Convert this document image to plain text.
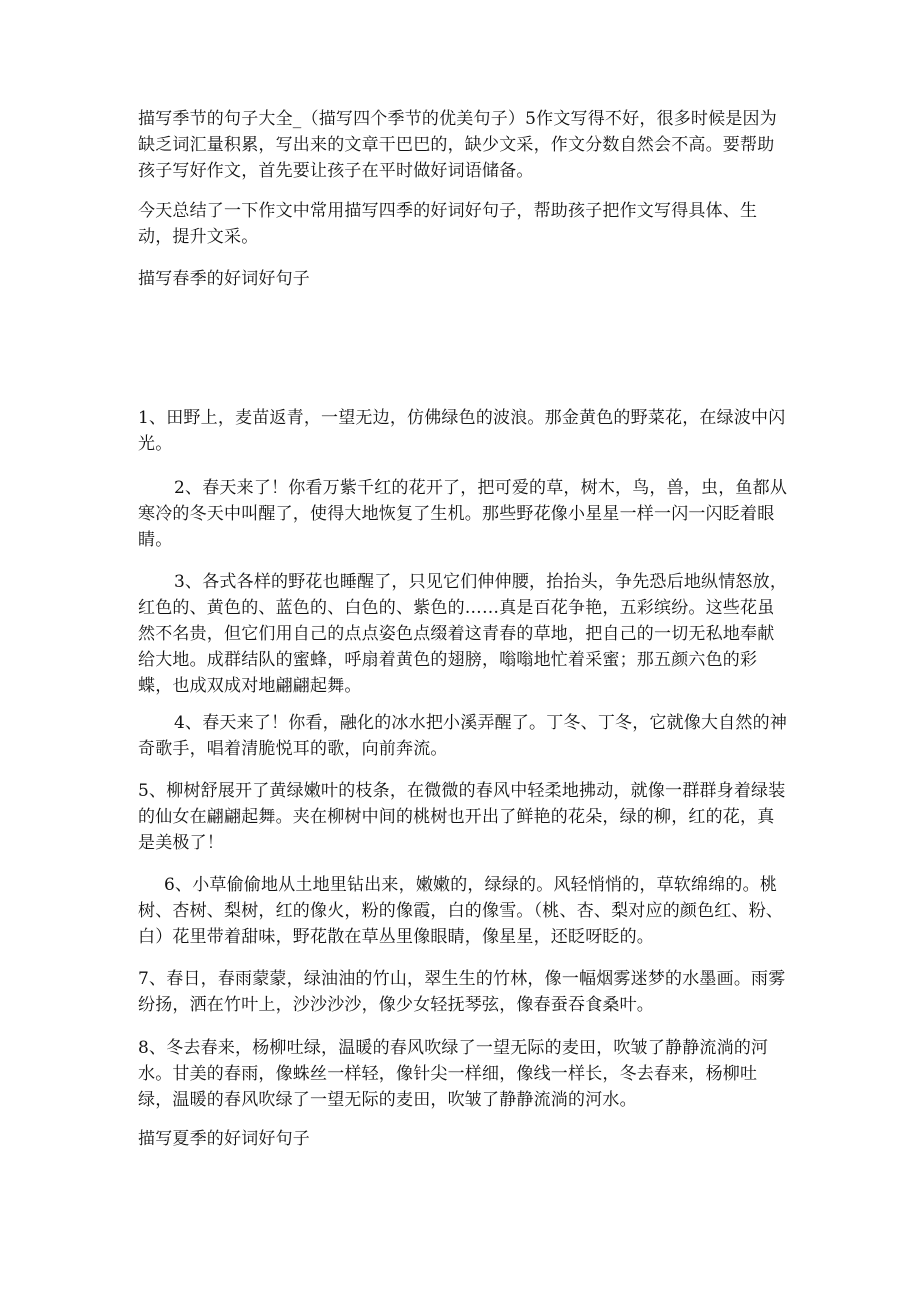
描写季节的句子大全_（描写四个季节的优美句子）5作文写得不好，很多时候是因为缺乏词汇量积累，写出来的文章干巴巴的，缺少文采，作文分数自然会不高。要帮助孩子写好作文，首先要让孩子在平时做好词语储备。

今天总结了一下作文中常用描写四季的好词好句子，帮助孩子把作文写得具体、生动，提升文采。

描写春季的好词好句子

1、田野上，麦苗返青，一望无边，仿佛绿色的波浪。那金黄色的野菜花，在绿波中闪光。

2、春天来了！你看万紫千红的花开了，把可爱的草，树木，鸟，兽，虫，鱼都从寒冷的冬天中叫醒了，使得大地恢复了生机。那些野花像小星星一样一闪一闪眨着眼睛。

3、各式各样的野花也睡醒了，只见它们伸伸腰，抬抬头，争先恐后地纵情怒放，红色的、黄色的、蓝色的、白色的、紫色的……真是百花争艳，五彩缤纷。这些花虽然不名贵，但它们用自己的点点姿色点缀着这青春的草地，把自己的一切无私地奉献给大地。成群结队的蜜蜂，呼扇着黄色的翅膀，嗡嗡地忙着采蜜；那五颜六色的彩蝶，也成双成对地翩翩起舞。

4、春天来了！你看，融化的冰水把小溪弄醒了。丁冬、丁冬，它就像大自然的神奇歌手，唱着清脆悦耳的歌，向前奔流。

5、柳树舒展开了黄绿嫩叶的枝条，在微微的春风中轻柔地拂动，就像一群群身着绿装的仙女在翩翩起舞。夹在柳树中间的桃树也开出了鲜艳的花朵，绿的柳，红的花，真是美极了！

6、小草偷偷地从土地里钻出来，嫩嫩的，绿绿的。风轻悄悄的，草软绵绵的。桃树、杏树、梨树，红的像火，粉的像霞，白的像雪。（桃、杏、梨对应的颜色红、粉、白）花里带着甜味，野花散在草丛里像眼睛，像星星，还眨呀眨的。

7、春日，春雨蒙蒙，绿油油的竹山，翠生生的竹林，像一幅烟雾迷梦的水墨画。雨雾纷扬，洒在竹叶上，沙沙沙沙，像少女轻抚琴弦，像春蚕吞食桑叶。

8、冬去春来，杨柳吐绿，温暖的春风吹绿了一望无际的麦田，吹皱了静静流淌的河水。甘美的春雨，像蛛丝一样轻，像针尖一样细，像线一样长，冬去春来，杨柳吐绿，温暖的春风吹绿了一望无际的麦田，吹皱了静静流淌的河水。

描写夏季的好词好句子
